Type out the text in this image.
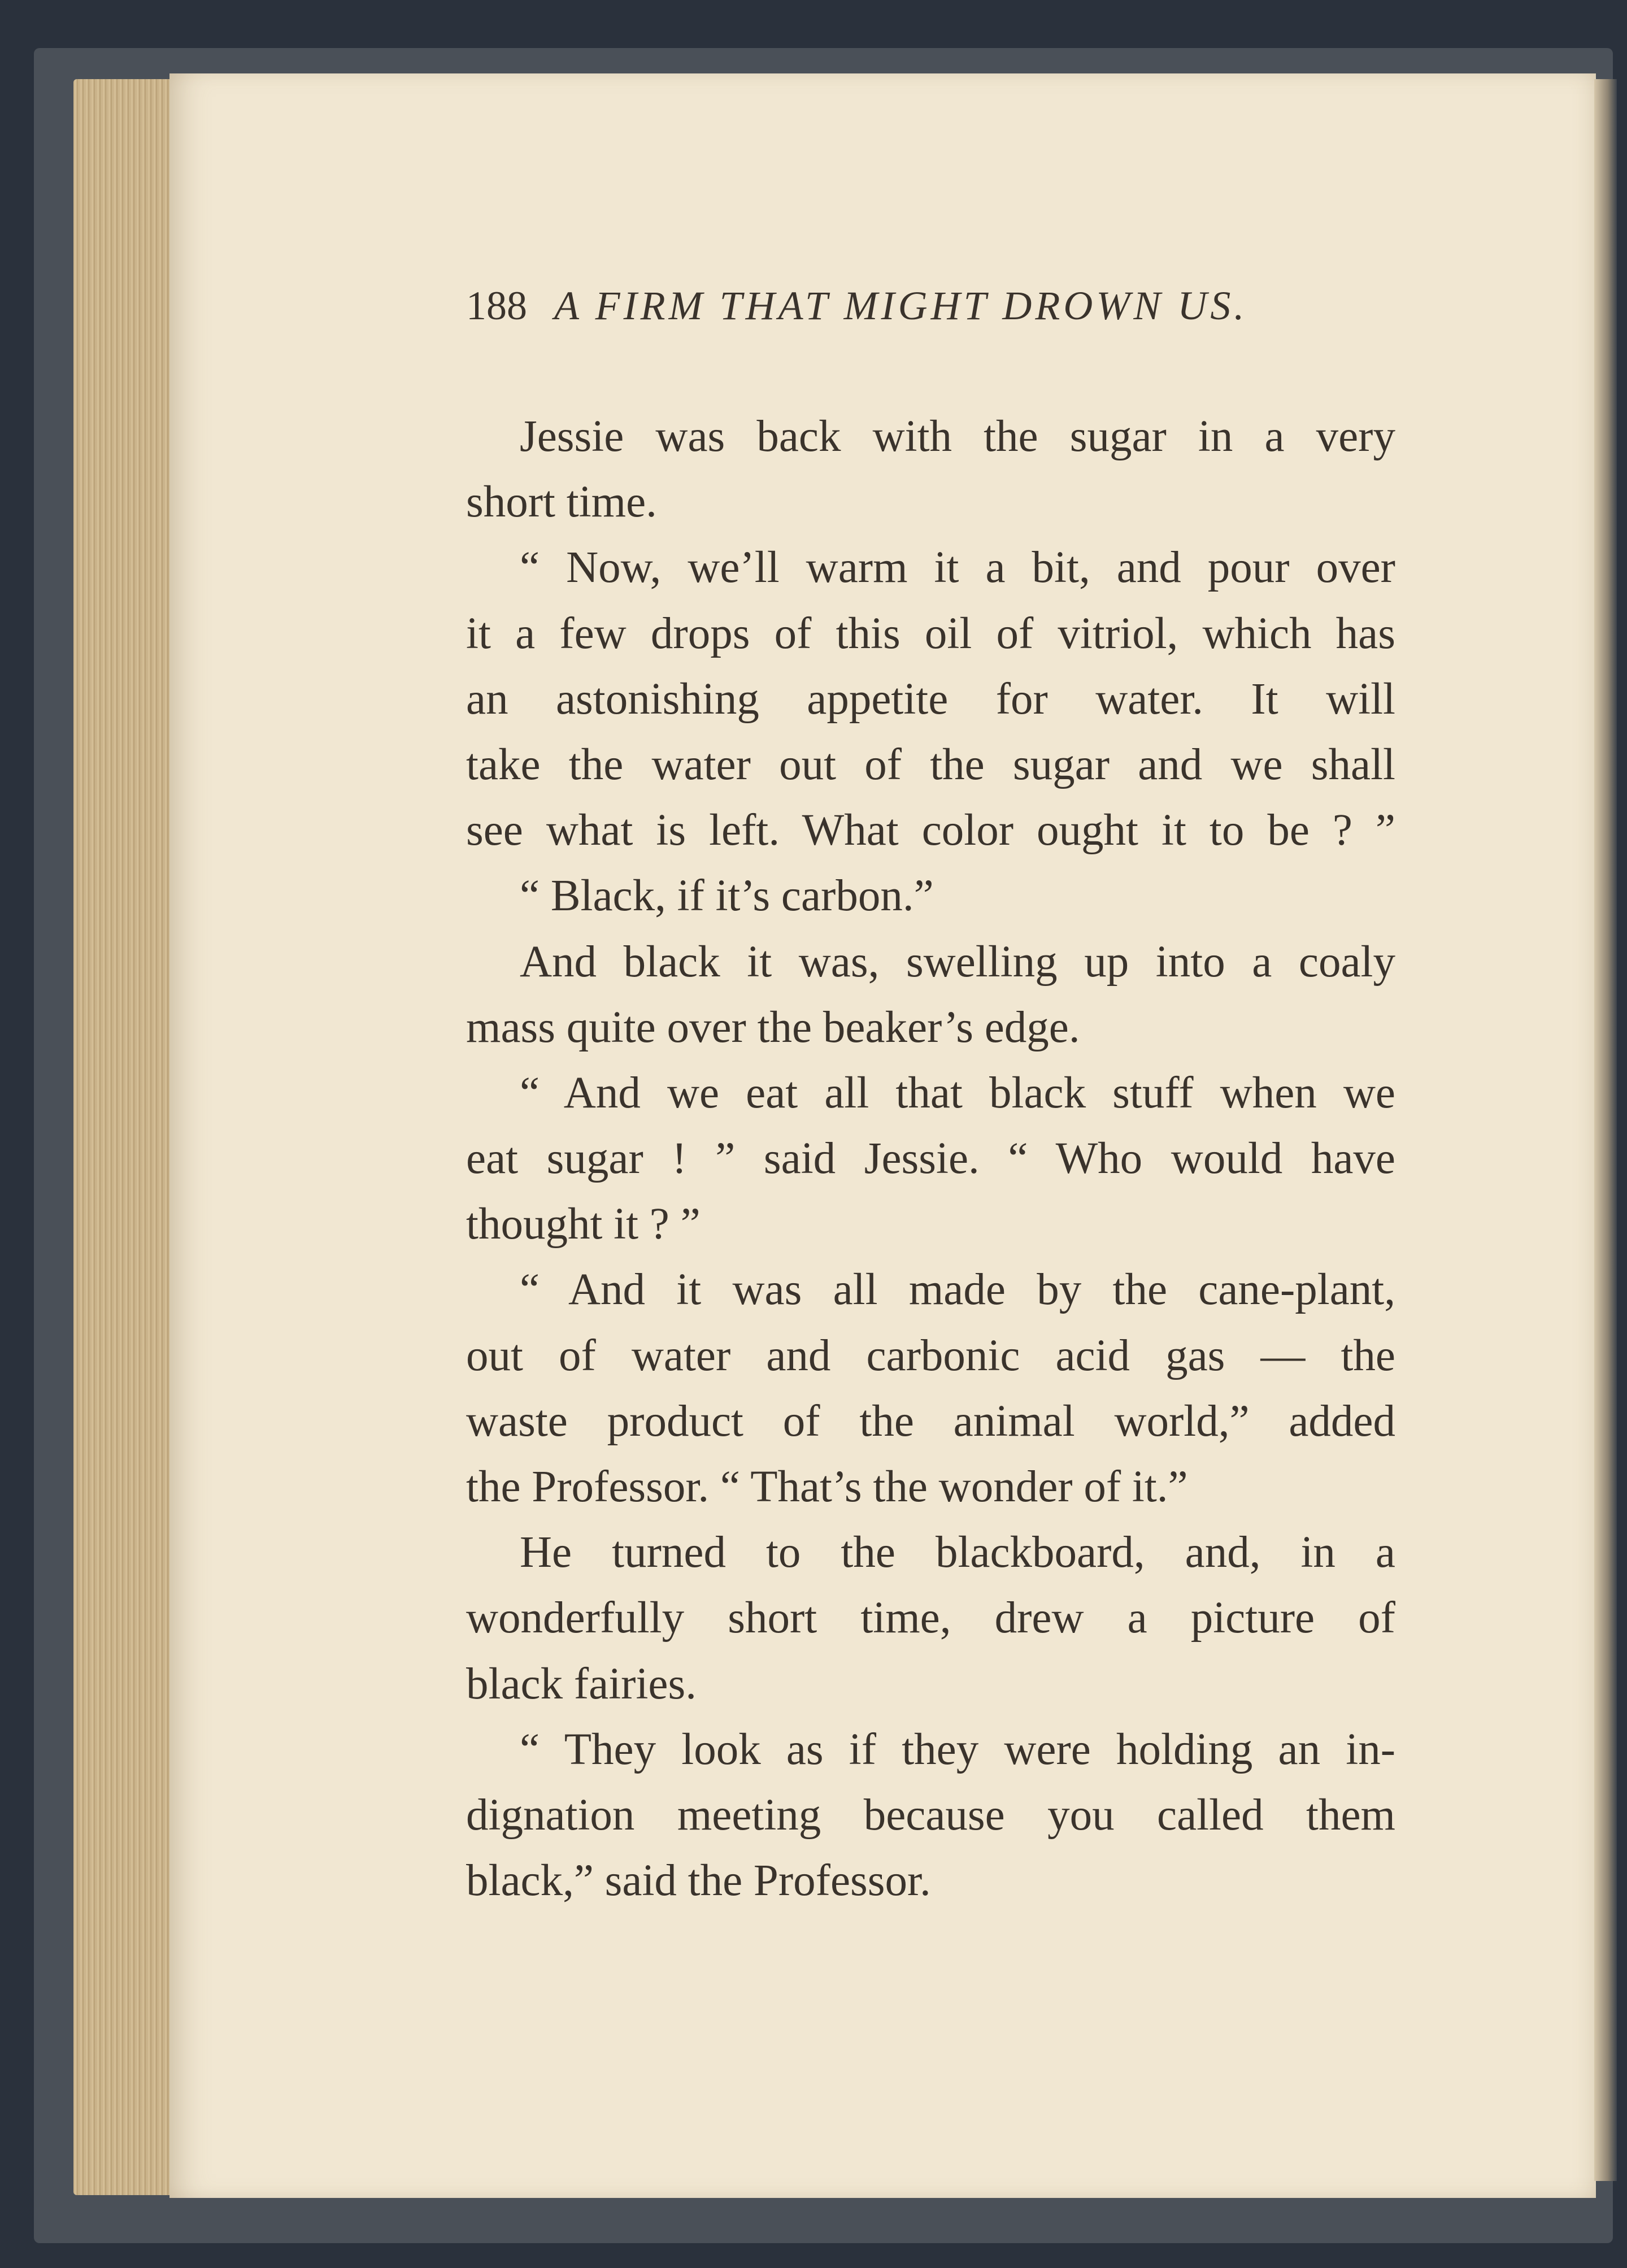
188 A FIRM THAT MIGHT DROWN US.
Jessie was back with the sugar in a very
short time.
“ Now, we’ll warm it a bit, and pour over
it a few drops of this oil of vitriol, which has
an astonishing appetite for water. It will
take the water out of the sugar and we shall
see what is left. What color ought it to be ? ”
“ Black, if it’s carbon.”
And black it was, swelling up into a coaly
mass quite over the beaker’s edge.
“ And we eat all that black stuff when we
eat sugar ! ” said Jessie. “ Who would have
thought it ? ”
“ And it was all made by the cane-plant,
out of water and carbonic acid gas — the
waste product of the animal world,” added
the Professor. “ That’s the wonder of it.”
He turned to the blackboard, and, in a
wonderfully short time, drew a picture of
black fairies.
“ They look as if they were holding an in-
dignation meeting because you called them
black,” said the Professor.
